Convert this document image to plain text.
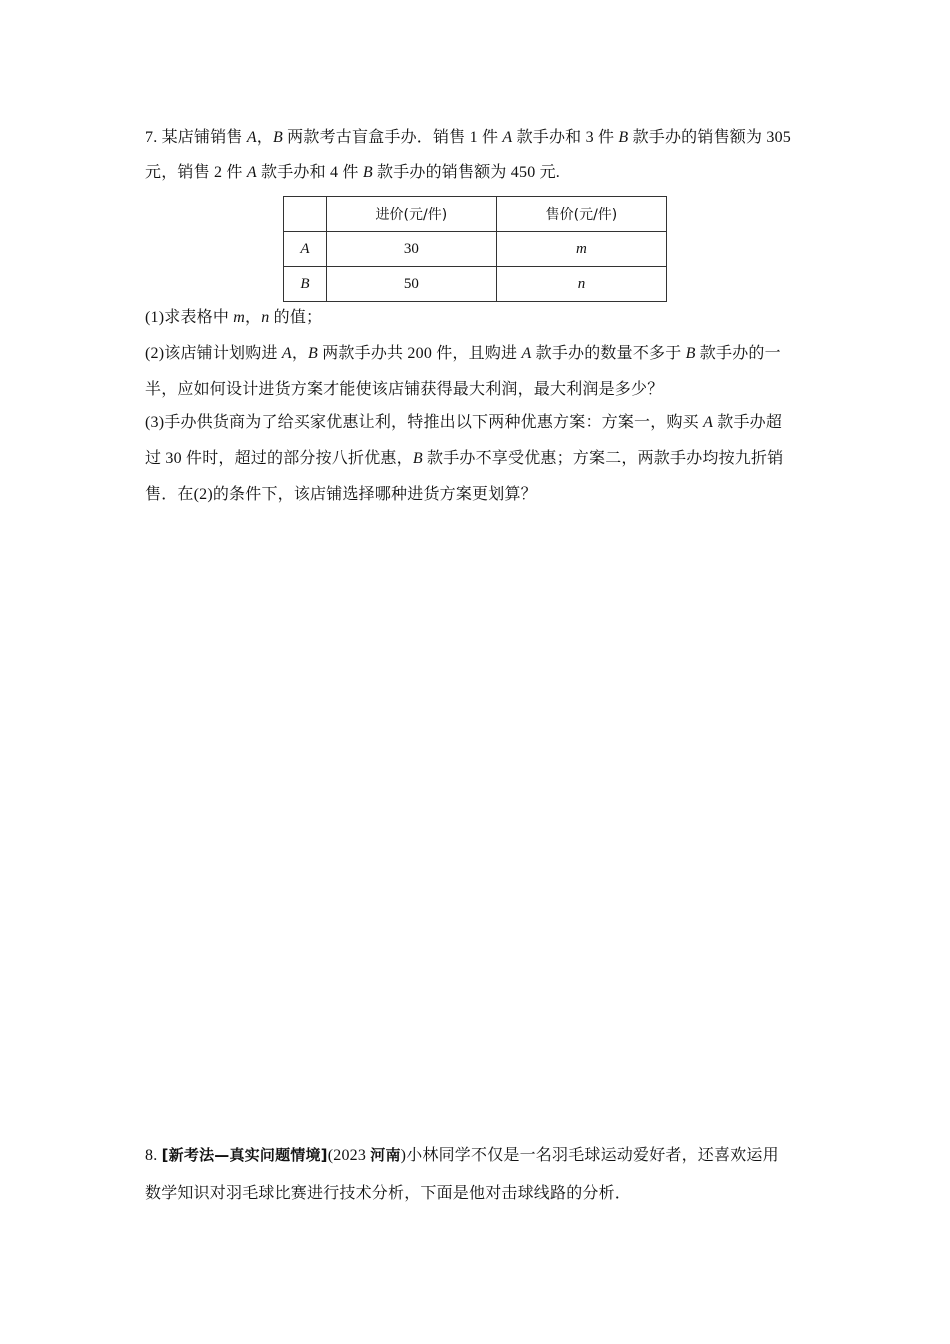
7. 某店铺销售 A，B 两款考古盲盒手办．销售 1 件 A 款手办和 3 件 B 款手办的销售额为 305
元，销售 2 件 A 款手办和 4 件 B 款手办的销售额为 450 元.
	进价(元/件)	售价(元/件)
A	30	m
B	50	n
(1)求表格中 m，n 的值；
(2)该店铺计划购进 A，B 两款手办共 200 件，且购进 A 款手办的数量不多于 B 款手办的一
半，应如何设计进货方案才能使该店铺获得最大利润，最大利润是多少？
(3)手办供货商为了给买家优惠让利，特推出以下两种优惠方案：方案一，购买 A 款手办超
过 30 件时，超过的部分按八折优惠，B 款手办不享受优惠；方案二，两款手办均按九折销
售．在(2)的条件下，该店铺选择哪种进货方案更划算？
8. [新考法—真实问题情境](2023 河南)小林同学不仅是一名羽毛球运动爱好者，还喜欢运用
数学知识对羽毛球比赛进行技术分析，下面是他对击球线路的分析．
